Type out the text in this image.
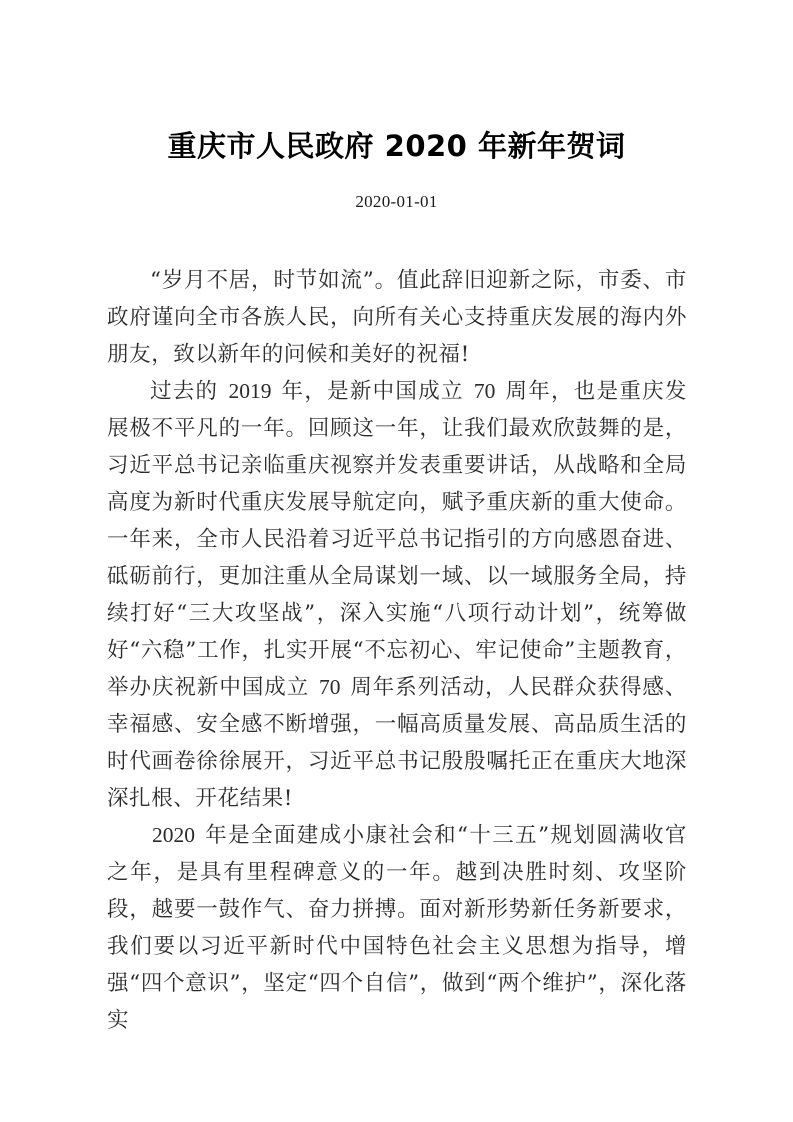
重庆市人民政府 2020 年新年贺词
2020-01-01

“岁月不居，时节如流”。值此辞旧迎新之际，市委、市政府谨向全市各族人民，向所有关心支持重庆发展的海内外朋友，致以新年的问候和美好的祝福!

过去的 2019 年，是新中国成立 70 周年，也是重庆发展极不平凡的一年。回顾这一年，让我们最欢欣鼓舞的是，习近平总书记亲临重庆视察并发表重要讲话，从战略和全局高度为新时代重庆发展导航定向，赋予重庆新的重大使命。一年来，全市人民沿着习近平总书记指引的方向感恩奋进、砥砺前行，更加注重从全局谋划一域、以一域服务全局，持续打好“三大攻坚战”，深入实施“八项行动计划”，统筹做好“六稳”工作，扎实开展“不忘初心、牢记使命”主题教育，举办庆祝新中国成立 70 周年系列活动，人民群众获得感、幸福感、安全感不断增强，一幅高质量发展、高品质生活的时代画卷徐徐展开，习近平总书记殷殷嘱托正在重庆大地深深扎根、开花结果!

2020 年是全面建成小康社会和“十三五”规划圆满收官之年，是具有里程碑意义的一年。越到决胜时刻、攻坚阶段，越要一鼓作气、奋力拼搏。面对新形势新任务新要求，我们要以习近平新时代中国特色社会主义思想为指导，增强“四个意识”，坚定“四个自信”，做到“两个维护”，深化落实
